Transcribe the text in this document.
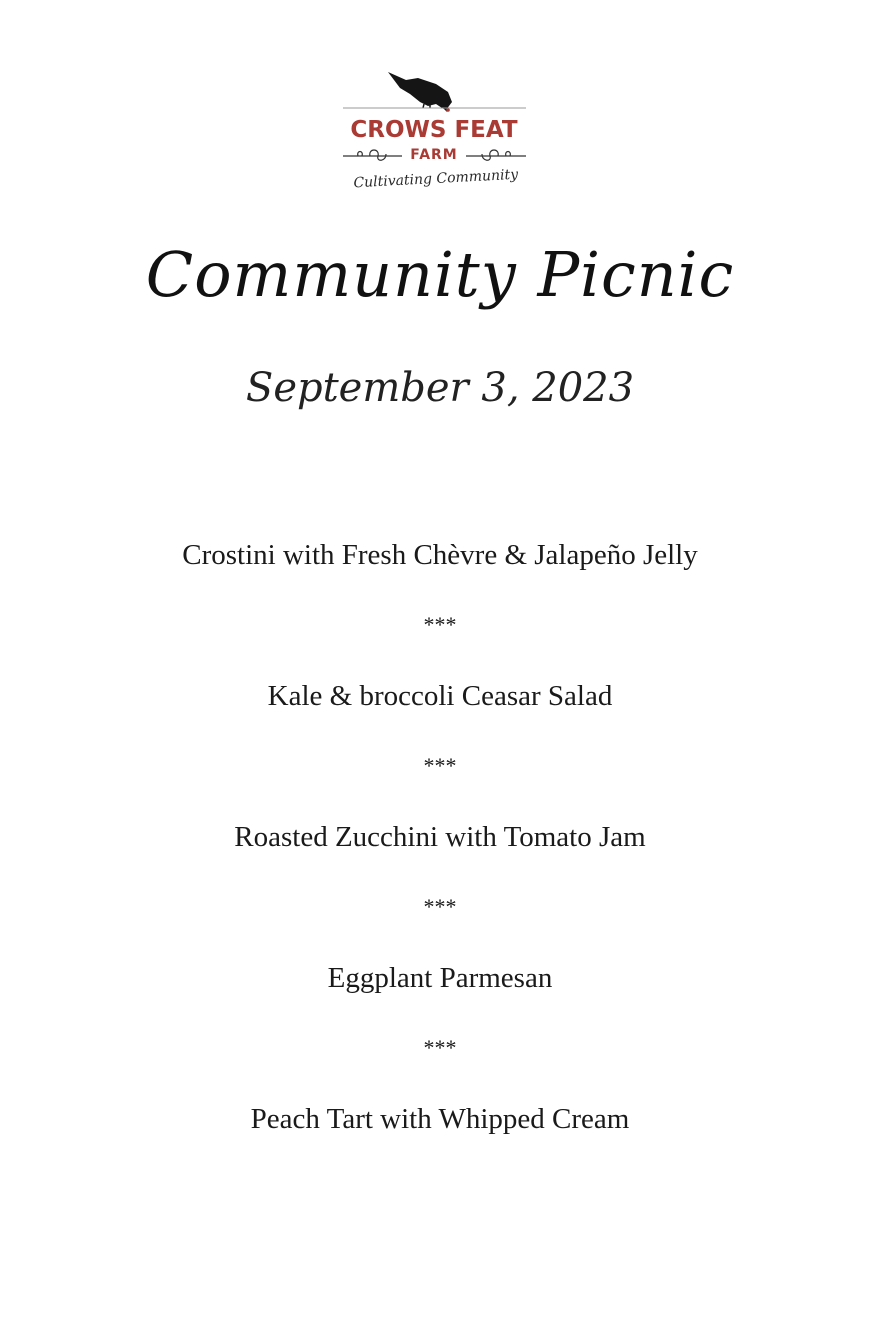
CROWS FEAT
FARM
Cultivating Community
Community Picnic
September 3, 2023
Crostini with Fresh Chèvre & Jalapeño Jelly
***
Kale & broccoli Ceasar Salad
***
Roasted Zucchini with Tomato Jam
***
Eggplant Parmesan
***
Peach Tart with Whipped Cream
